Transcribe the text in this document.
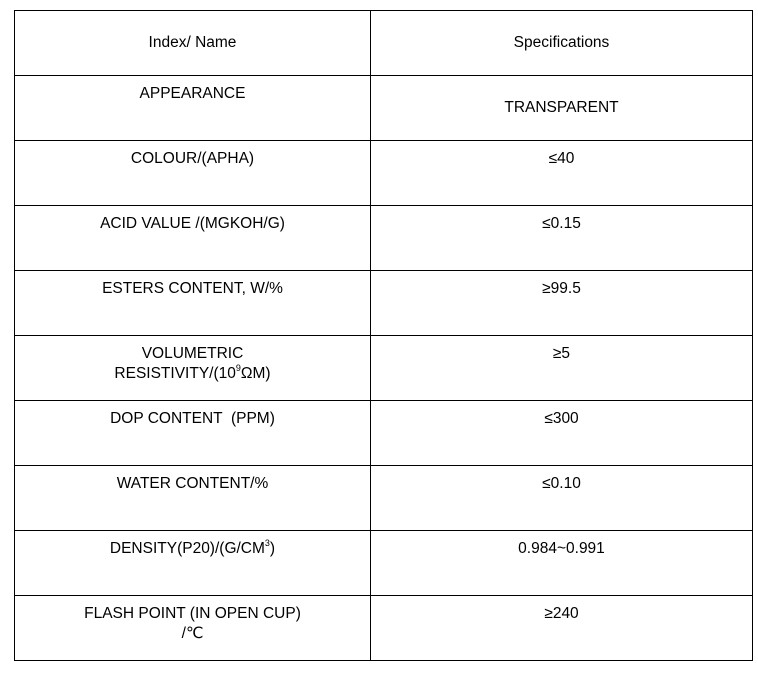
Index/ Name	Specifications
APPEARANCE	TRANSPARENT
COLOUR/(APHA)	≤40
ACID VALUE /(MGKOH/G)	≤0.15
ESTERS CONTENT, W/%	≥99.5
VOLUMETRIC
RESISTIVITY/$(10^9\Omega M)$	≥5
DOP CONTENT  (PPM)	≤300
WATER CONTENT/%	≤0.10
$DENSITY(P20)/(G/CM^3)$	0.984~0.991
FLASH POINT (IN OPEN CUP)
/℃	≥240
